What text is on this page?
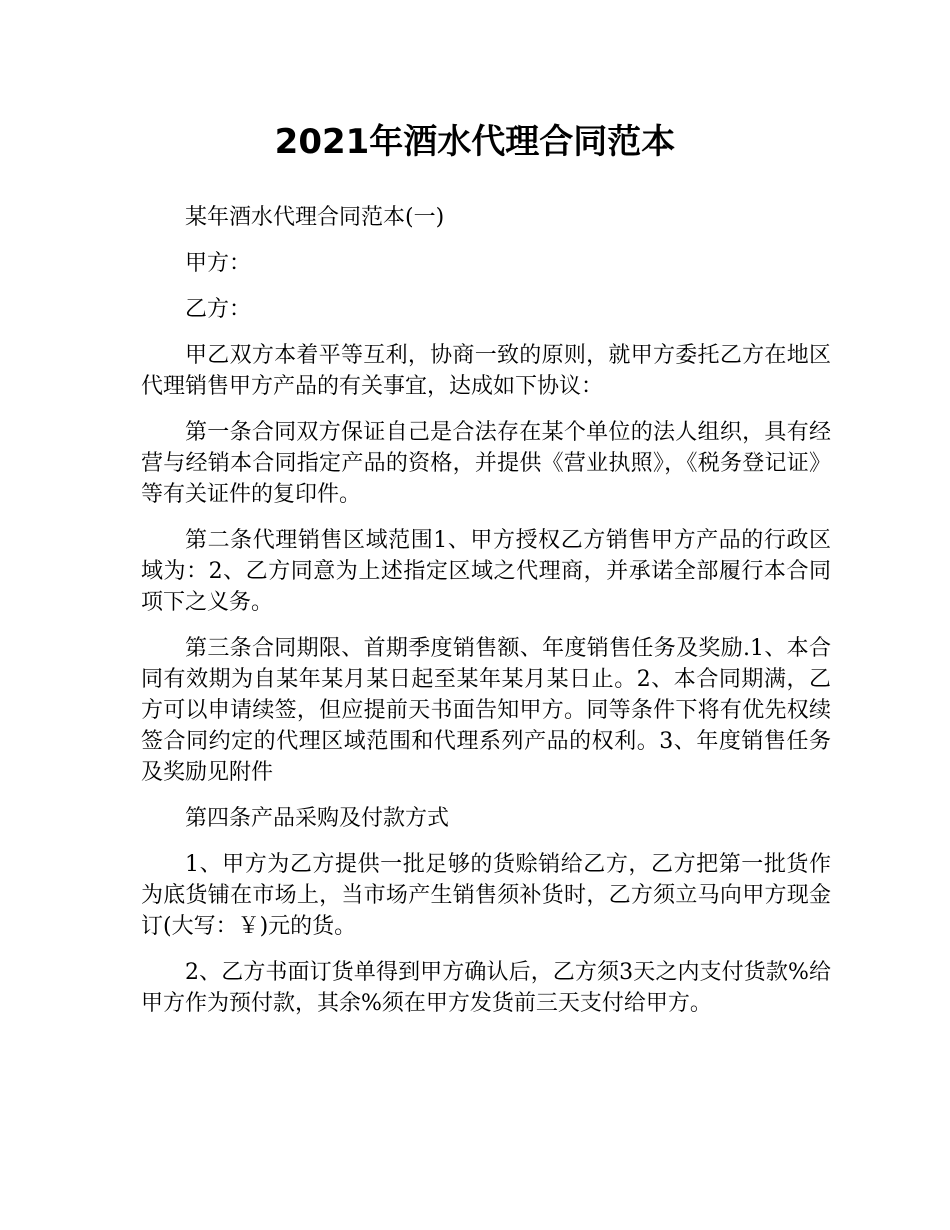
2021年酒水代理合同范本

某年酒水代理合同范本(一)

甲方：

乙方：

甲乙双方本着平等互利，协商一致的原则，就甲方委托乙方在地区代理销售甲方产品的有关事宜，达成如下协议：

第一条合同双方保证自己是合法存在某个单位的法人组织，具有经营与经销本合同指定产品的资格，并提供《营业执照》，《税务登记证》等有关证件的复印件。

第二条代理销售区域范围1、甲方授权乙方销售甲方产品的行政区域为：2、乙方同意为上述指定区域之代理商，并承诺全部履行本合同项下之义务。

第三条合同期限、首期季度销售额、年度销售任务及奖励.1、本合同有效期为自某年某月某日起至某年某月某日止。2、本合同期满，乙方可以申请续签，但应提前天书面告知甲方。同等条件下将有优先权续签合同约定的代理区域范围和代理系列产品的权利。3、年度销售任务及奖励见附件

第四条产品采购及付款方式

1、甲方为乙方提供一批足够的货赊销给乙方，乙方把第一批货作为底货铺在市场上，当市场产生销售须补货时，乙方须立马向甲方现金订(大写：￥)元的货。

2、乙方书面订货单得到甲方确认后，乙方须3天之内支付货款%给甲方作为预付款，其余%须在甲方发货前三天支付给甲方。
